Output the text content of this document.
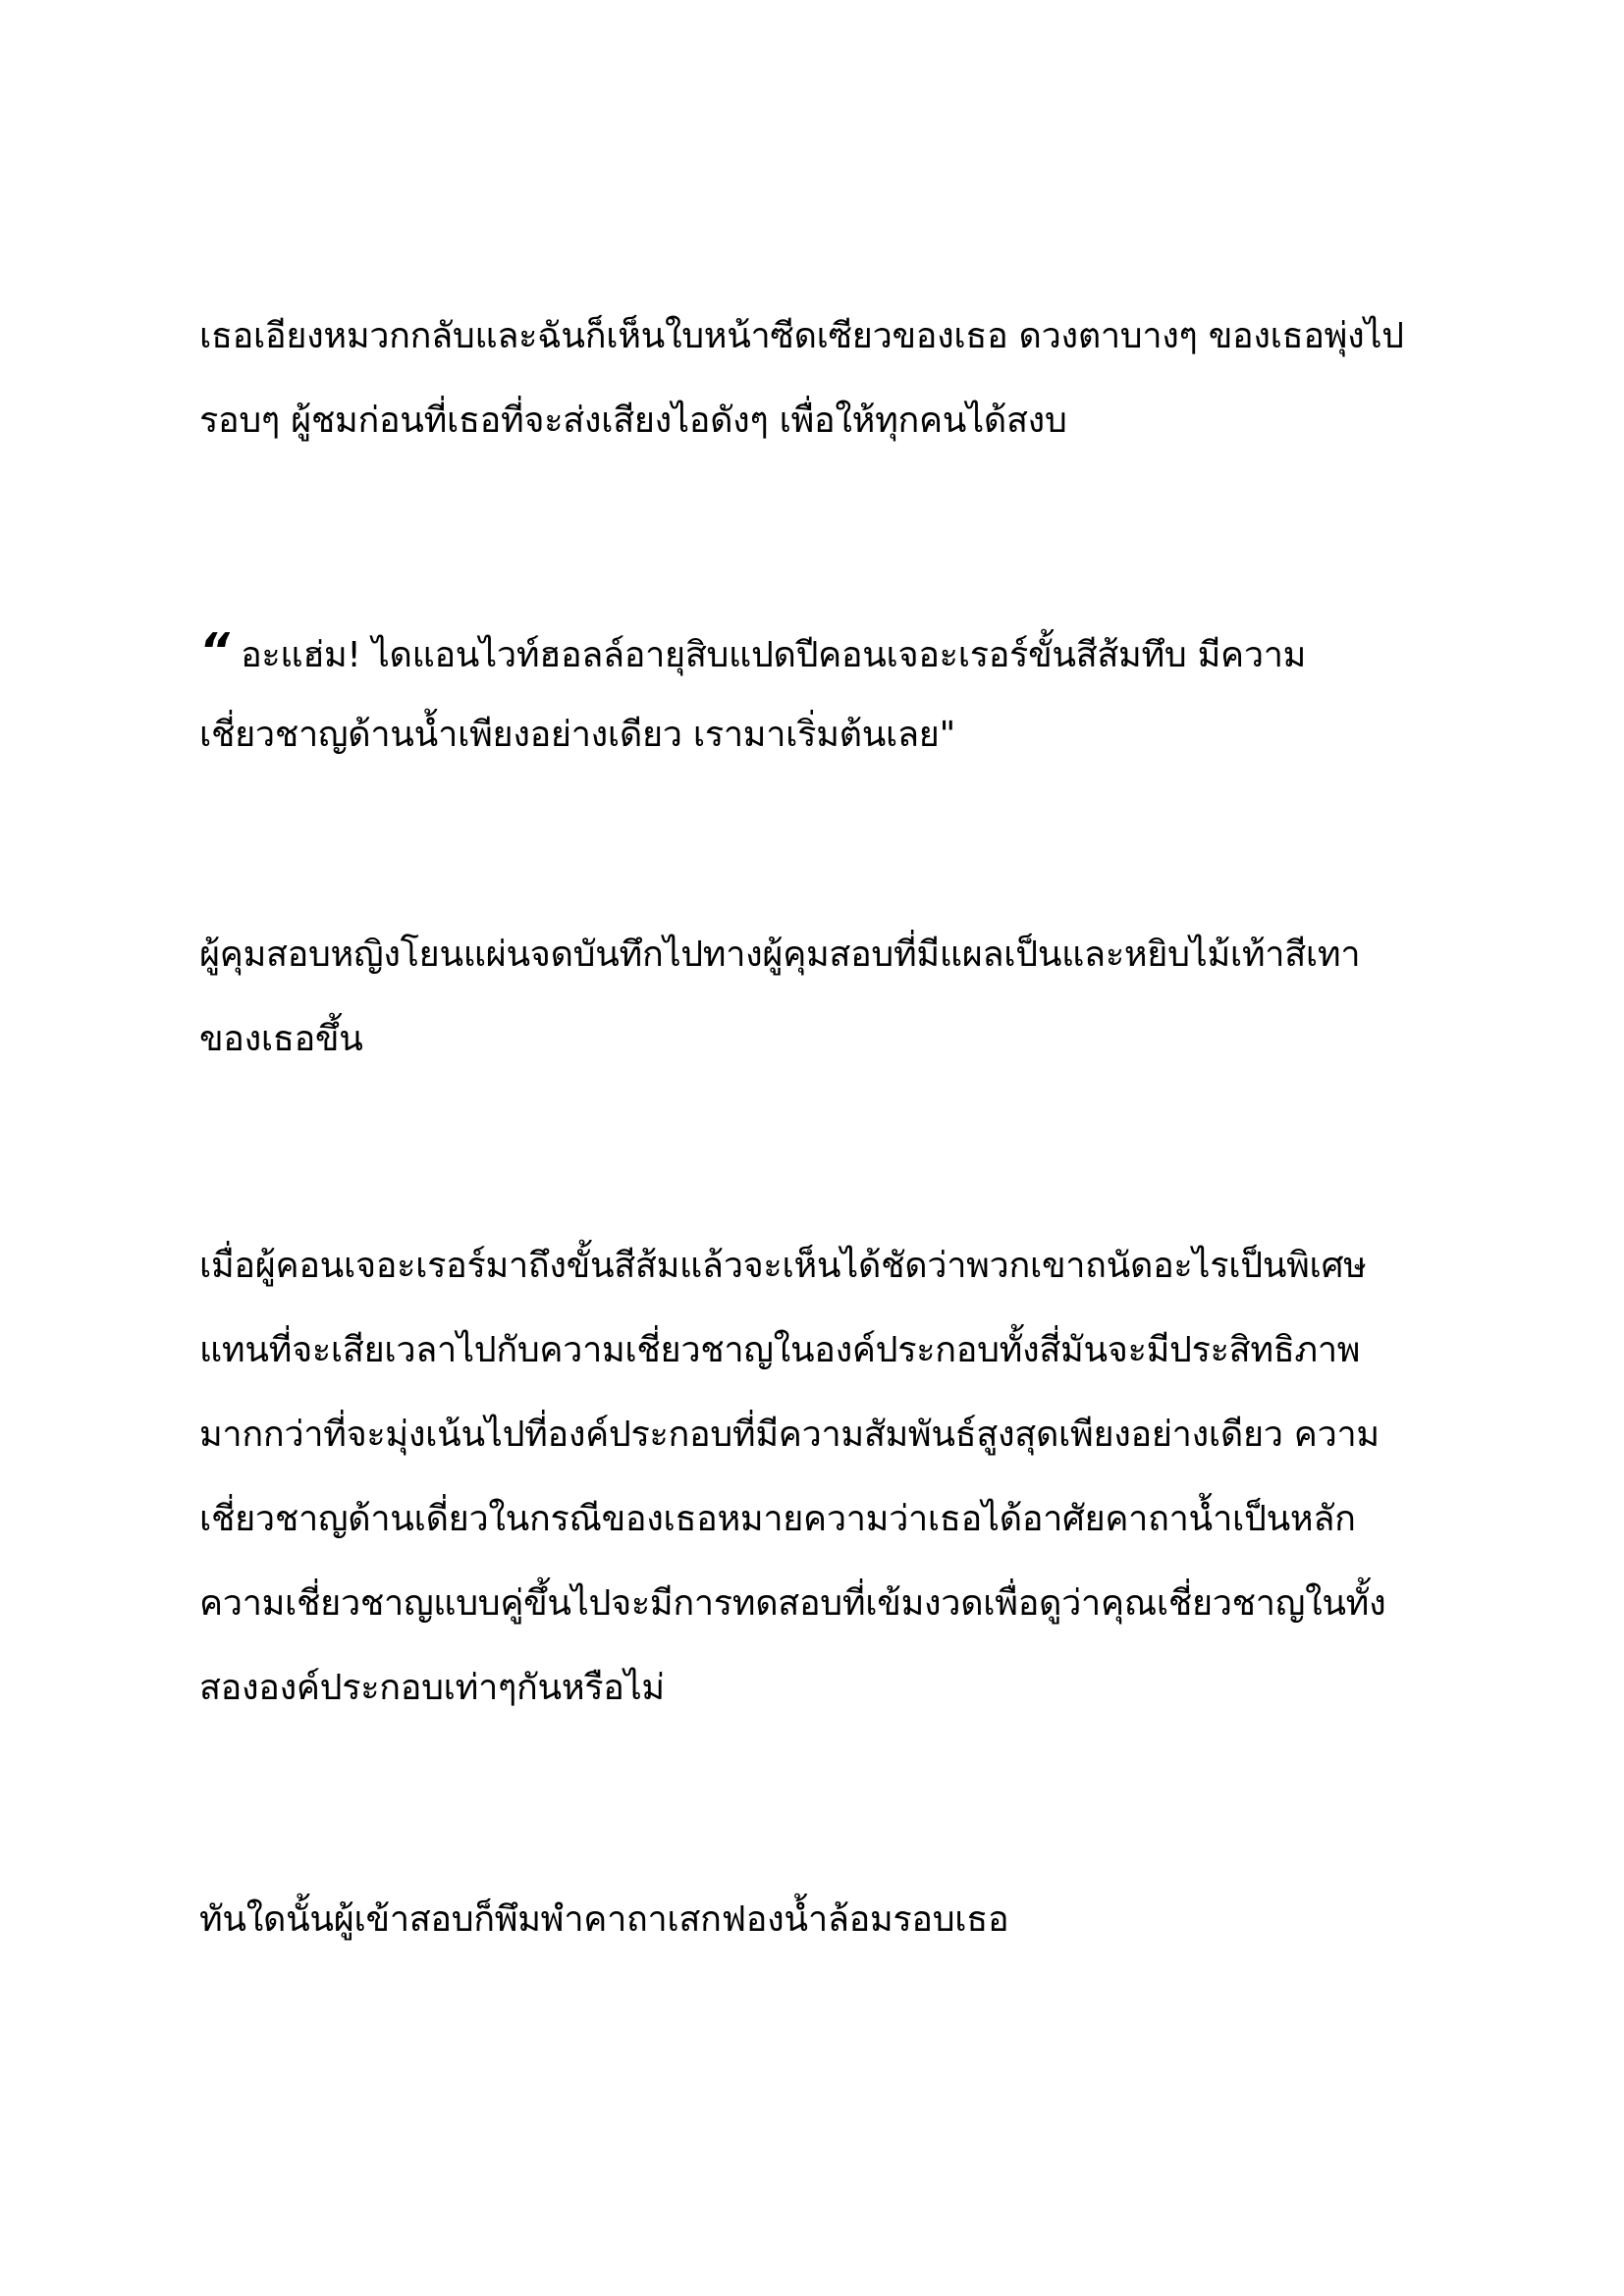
เธอเอียงหมวกกลับและฉันก็เห็นใบหน้าซีดเซียวของเธอ ดวงตาบางๆ ของเธอพุ่งไป
รอบๆ ผู้ชมก่อนที่เธอที่จะส่งเสียงไอดังๆ เพื่อให้ทุกคนได้สงบ
“ อะแฮ่ม! ไดแอนไวท์ฮอลล์อายุสิบแปดปีคอนเจอะเรอร์ขั้นสีส้มทึบ มีความ
เชี่ยวชาญด้านน้ำเพียงอย่างเดียว เรามาเริ่มต้นเลย"
ผู้คุมสอบหญิงโยนแผ่นจดบันทึกไปทางผู้คุมสอบที่มีแผลเป็นและหยิบไม้เท้าสีเทา
ของเธอขึ้น
เมื่อผู้คอนเจอะเรอร์มาถึงขั้นสีส้มแล้วจะเห็นได้ชัดว่าพวกเขาถนัดอะไรเป็นพิเศษ
แทนที่จะเสียเวลาไปกับความเชี่ยวชาญในองค์ประกอบทั้งสี่มันจะมีประสิทธิภาพ
มากกว่าที่จะมุ่งเน้นไปที่องค์ประกอบที่มีความสัมพันธ์สูงสุดเพียงอย่างเดียว ความ
เชี่ยวชาญด้านเดี่ยวในกรณีของเธอหมายความว่าเธอได้อาศัยคาถาน้ำเป็นหลัก
ความเชี่ยวชาญแบบคู่ขึ้นไปจะมีการทดสอบที่เข้มงวดเพื่อดูว่าคุณเชี่ยวชาญในทั้ง
สององค์ประกอบเท่าๆกันหรือไม่
ทันใดนั้นผู้เข้าสอบก็พึมพำคาถาเสกฟองน้ำล้อมรอบเธอ
